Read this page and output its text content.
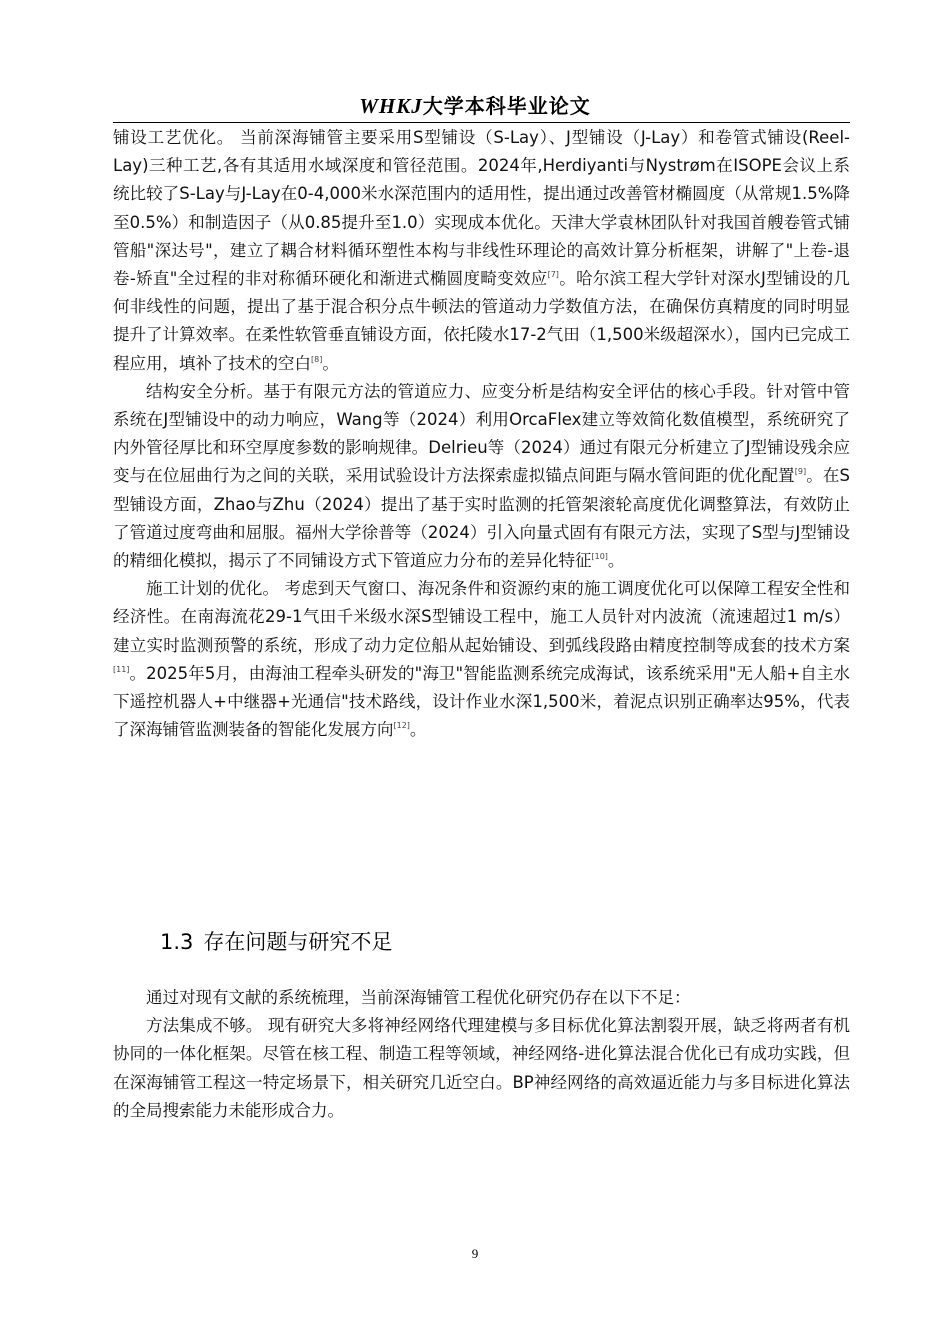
WHKJ大学本科毕业论文

铺设工艺优化。 当前深海铺管主要采用S型铺设（S-Lay）、J型铺设（J-Lay）和卷管式铺设(Reel-Lay)三种工艺,各有其适用水域深度和管径范围。2024年,Herdiyanti与Nystrøm在ISOPE会议上系统比较了S-Lay与J-Lay在0-4,000米水深范围内的适用性，提出通过改善管材椭圆度（从常规1.5%降至0.5%）和制造因子（从0.85提升至1.0）实现成本优化。天津大学袁林团队针对我国首艘卷管式铺管船"深达号"，建立了耦合材料循环塑性本构与非线性环理论的高效计算分析框架，讲解了"上卷-退卷-矫直"全过程的非对称循环硬化和渐进式椭圆度畸变效应[7]。哈尔滨工程大学针对深水J型铺设的几何非线性的问题，提出了基于混合积分点牛顿法的管道动力学数值方法，在确保仿真精度的同时明显提升了计算效率。在柔性软管垂直铺设方面，依托陵水17-2气田（1,500米级超深水），国内已完成工程应用，填补了技术的空白[8]。

结构安全分析。基于有限元方法的管道应力、应变分析是结构安全评估的核心手段。针对管中管系统在J型铺设中的动力响应，Wang等（2024）利用OrcaFlex建立等效简化数值模型，系统研究了内外管径厚比和环空厚度参数的影响规律。Delrieu等（2024）通过有限元分析建立了J型铺设残余应变与在位屈曲行为之间的关联，采用试验设计方法探索虚拟锚点间距与隔水管间距的优化配置[9]。在S型铺设方面，Zhao与Zhu（2024）提出了基于实时监测的托管架滚轮高度优化调整算法，有效防止了管道过度弯曲和屈服。福州大学徐普等（2024）引入向量式固有有限元方法，实现了S型与J型铺设的精细化模拟，揭示了不同铺设方式下管道应力分布的差异化特征[10]。

施工计划的优化。 考虑到天气窗口、海况条件和资源约束的施工调度优化可以保障工程安全性和经济性。在南海流花29-1气田千米级水深S型铺设工程中，施工人员针对内波流（流速超过1 m/s）建立实时监测预警的系统，形成了动力定位船从起始铺设、到弧线段路由精度控制等成套的技术方案[11]。2025年5月，由海油工程牵头研发的"海卫"智能监测系统完成海试，该系统采用"无人船+自主水下遥控机器人+中继器+光通信"技术路线，设计作业水深1,500米，着泥点识别正确率达95%，代表了深海铺管监测装备的智能化发展方向[12]。

1.3 存在问题与研究不足

通过对现有文献的系统梳理，当前深海铺管工程优化研究仍存在以下不足：

方法集成不够。 现有研究大多将神经网络代理建模与多目标优化算法割裂开展，缺乏将两者有机协同的一体化框架。尽管在核工程、制造工程等领域，神经网络-进化算法混合优化已有成功实践，但在深海铺管工程这一特定场景下，相关研究几近空白。BP神经网络的高效逼近能力与多目标进化算法的全局搜索能力未能形成合力。

9
